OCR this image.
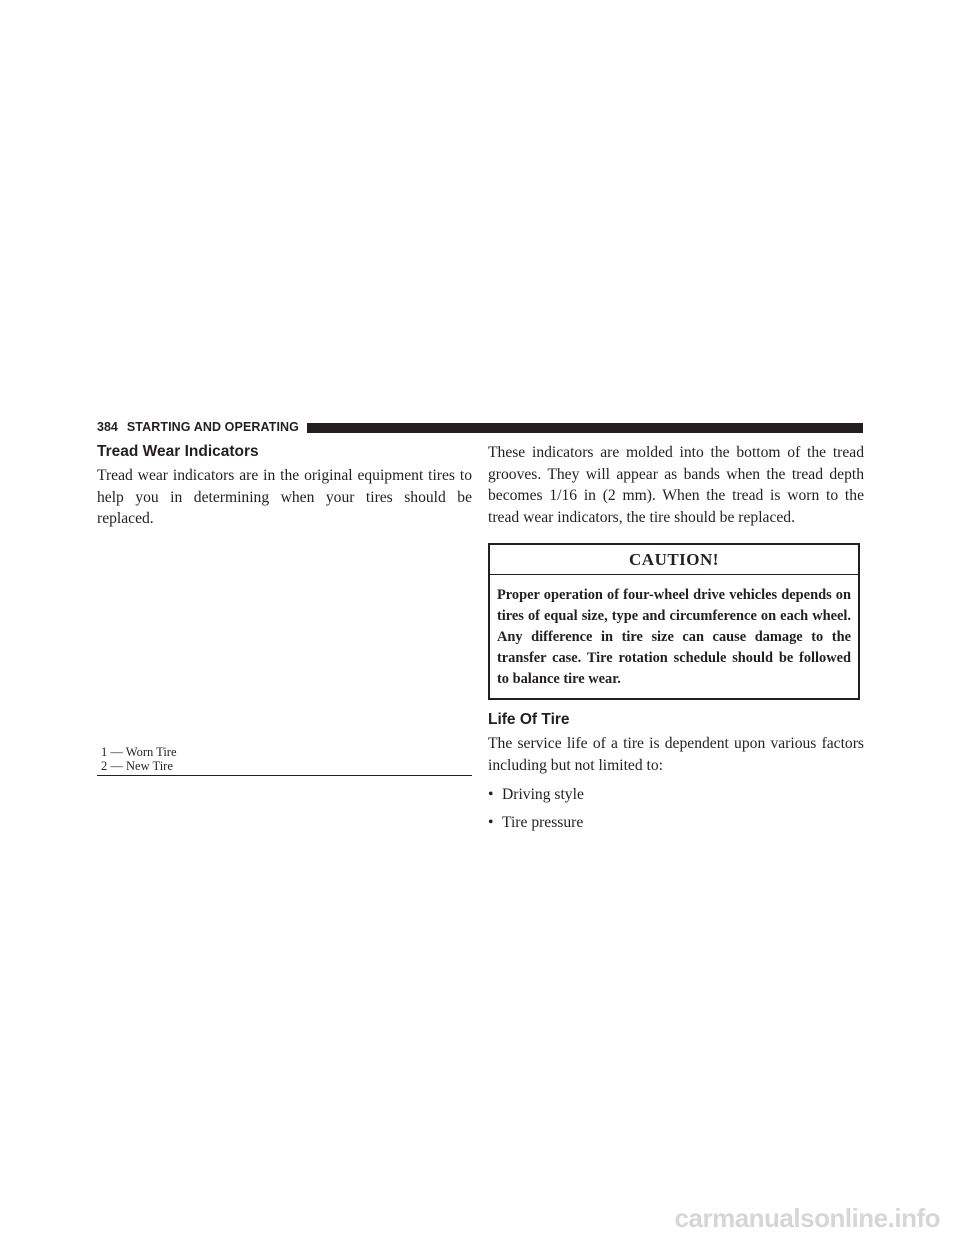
384 STARTING AND OPERATING
Tread Wear Indicators

Tread wear indicators are in the original equipment tires to help you in determining when your tires should be replaced.

1 — Worn Tire
2 — New Tire

These indicators are molded into the bottom of the tread grooves. They will appear as bands when the tread depth becomes 1/16 in (2 mm). When the tread is worn to the tread wear indicators, the tire should be replaced.

CAUTION!
Proper operation of four-wheel drive vehicles depends on tires of equal size, type and circumference on each wheel. Any difference in tire size can cause damage to the transfer case. Tire rotation schedule should be followed to balance tire wear.
Life Of Tire

The service life of a tire is dependent upon various factors including but not limited to:

• Driving style
• Tire pressure
carmanualsonline.info
